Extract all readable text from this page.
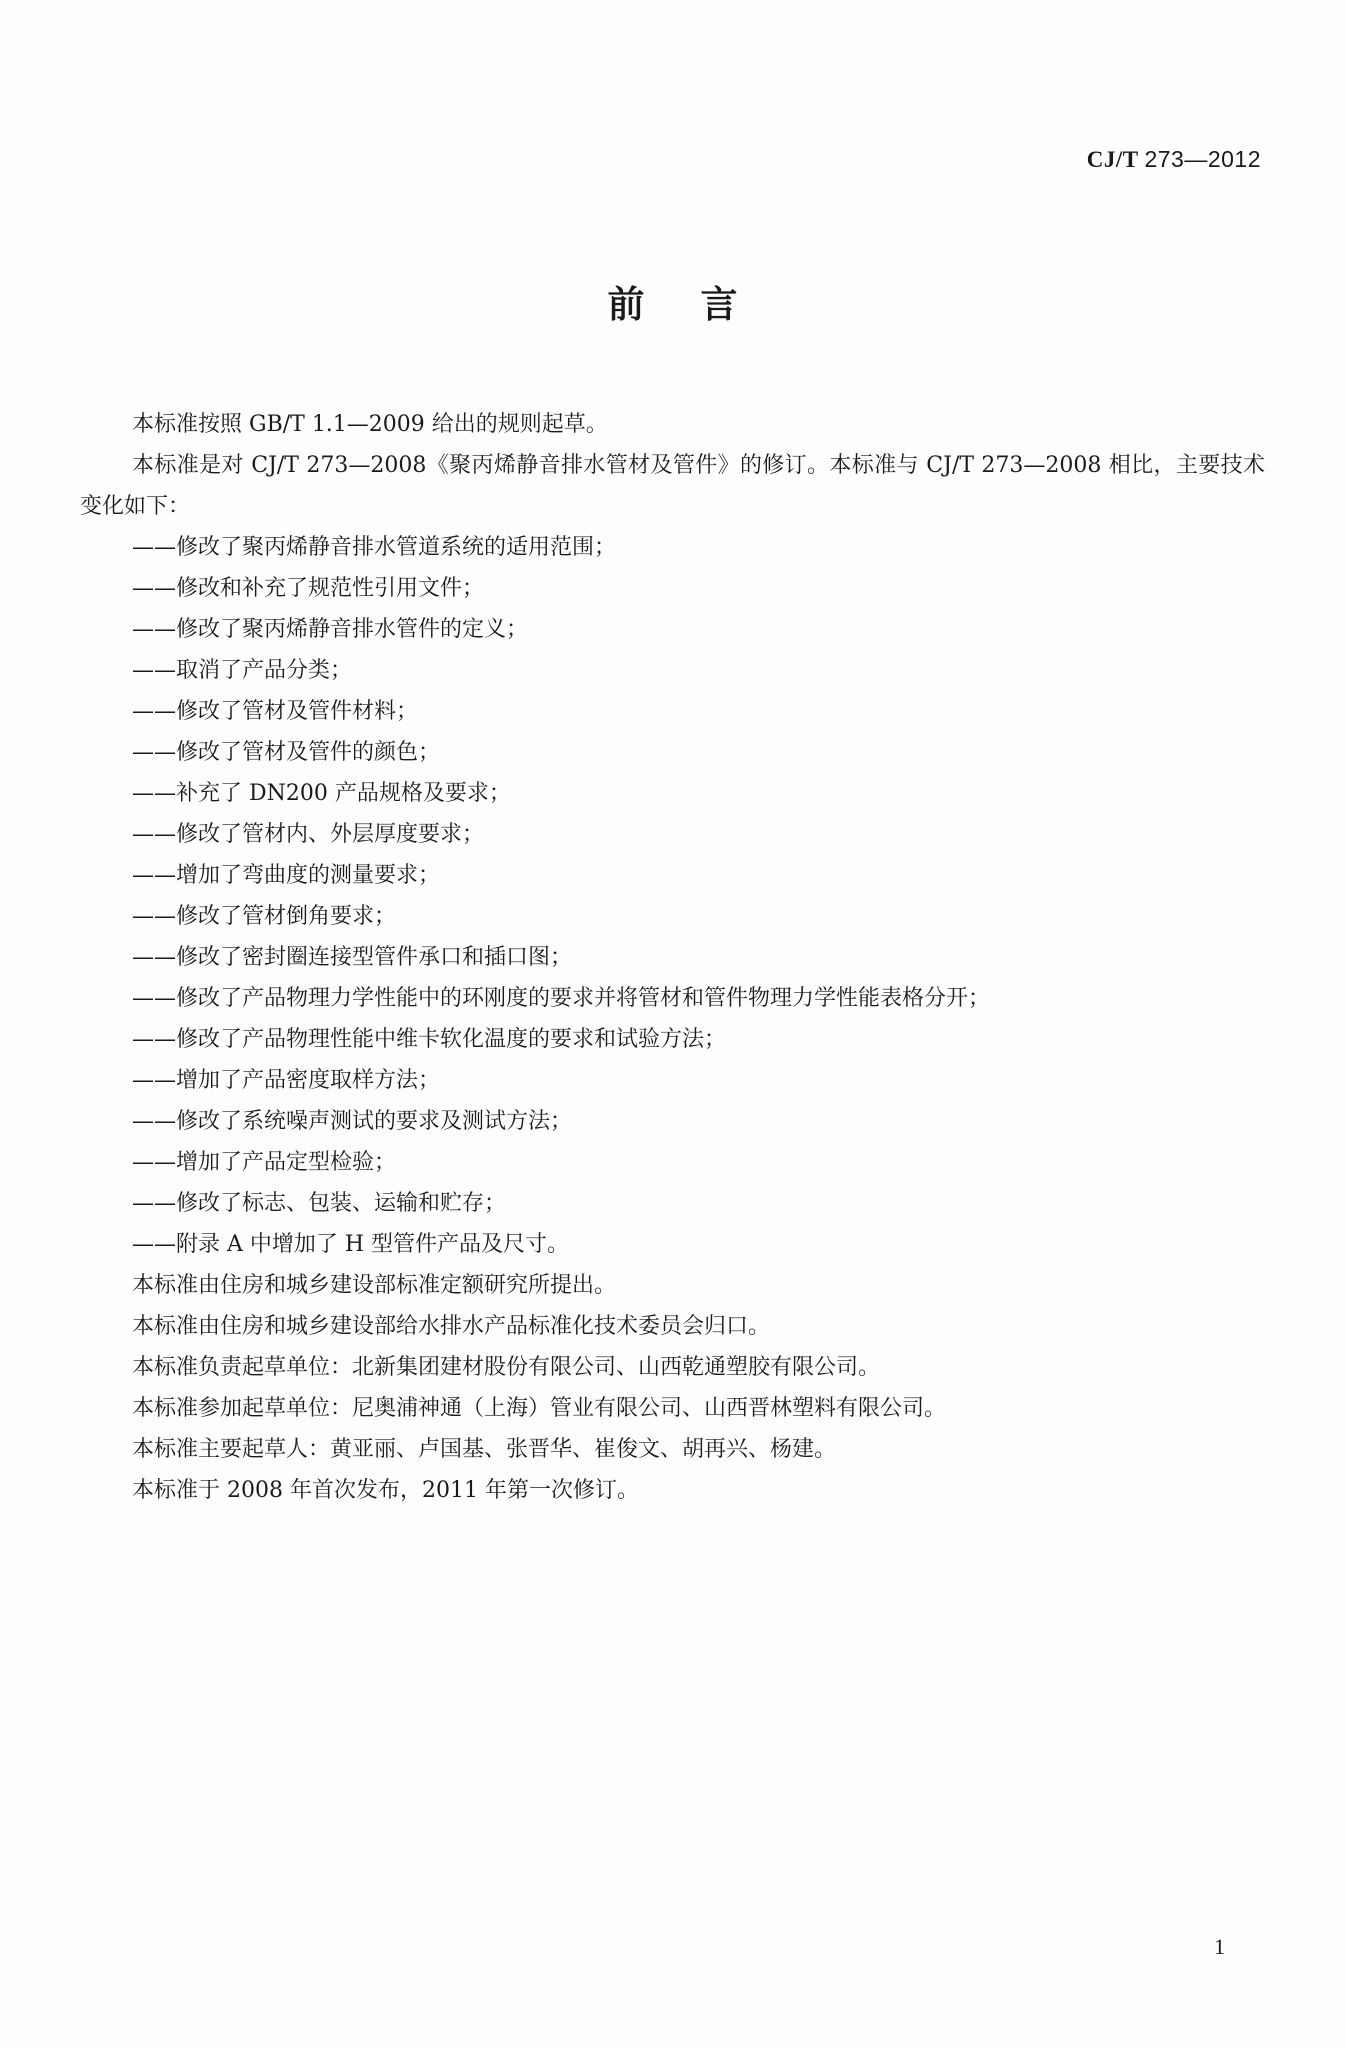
CJ/T 273—2012
前言

本标准按照 GB/T 1.1—2009 给出的规则起草。

本标准是对 CJ/T 273—2008《聚丙烯静音排水管材及管件》的修订。本标准与 CJ/T 273—2008 相比，主要技术变化如下：

——修改了聚丙烯静音排水管道系统的适用范围；
——修改和补充了规范性引用文件；
——修改了聚丙烯静音排水管件的定义；
——取消了产品分类；
——修改了管材及管件材料；
——修改了管材及管件的颜色；
——补充了 DN200 产品规格及要求；
——修改了管材内、外层厚度要求；
——增加了弯曲度的测量要求；
——修改了管材倒角要求；
——修改了密封圈连接型管件承口和插口图；
——修改了产品物理力学性能中的环刚度的要求并将管材和管件物理力学性能表格分开；
——修改了产品物理性能中维卡软化温度的要求和试验方法；
——增加了产品密度取样方法；
——修改了系统噪声测试的要求及测试方法；
——增加了产品定型检验；
——修改了标志、包装、运输和贮存；
——附录 A 中增加了 H 型管件产品及尺寸。

本标准由住房和城乡建设部标准定额研究所提出。

本标准由住房和城乡建设部给水排水产品标准化技术委员会归口。

本标准负责起草单位：北新集团建材股份有限公司、山西乾通塑胶有限公司。

本标准参加起草单位：尼奥浦神通（上海）管业有限公司、山西晋林塑料有限公司。

本标准主要起草人：黄亚丽、卢国基、张晋华、崔俊文、胡再兴、杨建。

本标准于 2008 年首次发布，2011 年第一次修订。

1
